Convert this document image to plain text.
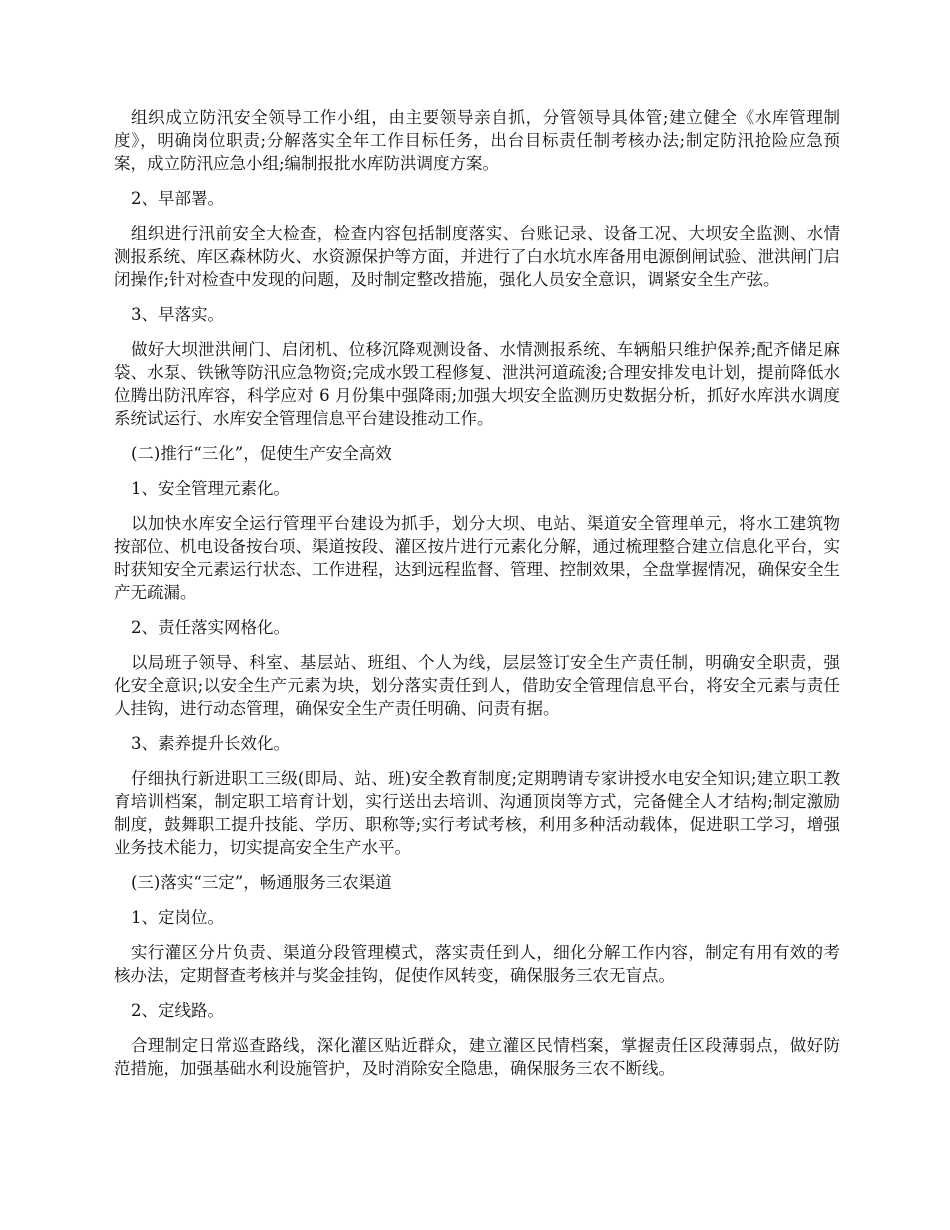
组织成立防汛安全领导工作小组，由主要领导亲自抓，分管领导具体管;建立健全《水库管理制度》，明确岗位职责;分解落实全年工作目标任务，出台目标责任制考核办法;制定防汛抢险应急预案，成立防汛应急小组;编制报批水库防洪调度方案。

2、早部署。

组织进行汛前安全大检查，检查内容包括制度落实、台账记录、设备工况、大坝安全监测、水情测报系统、库区森林防火、水资源保护等方面，并进行了白水坑水库备用电源倒闸试验、泄洪闸门启闭操作;针对检查中发现的问题，及时制定整改措施，强化人员安全意识，调紧安全生产弦。

3、早落实。

做好大坝泄洪闸门、启闭机、位移沉降观测设备、水情测报系统、车辆船只维护保养;配齐储足麻袋、水泵、铁锹等防汛应急物资;完成水毁工程修复、泄洪河道疏浚;合理安排发电计划，提前降低水位腾出防汛库容，科学应对 6 月份集中强降雨;加强大坝安全监测历史数据分析，抓好水库洪水调度系统试运行、水库安全管理信息平台建设推动工作。

(二)推行“三化”，促使生产安全高效

1、安全管理元素化。

以加快水库安全运行管理平台建设为抓手，划分大坝、电站、渠道安全管理单元，将水工建筑物按部位、机电设备按台项、渠道按段、灌区按片进行元素化分解，通过梳理整合建立信息化平台，实时获知安全元素运行状态、工作进程，达到远程监督、管理、控制效果，全盘掌握情况，确保安全生产无疏漏。

2、责任落实网格化。

以局班子领导、科室、基层站、班组、个人为线，层层签订安全生产责任制，明确安全职责，强化安全意识;以安全生产元素为块，划分落实责任到人，借助安全管理信息平台，将安全元素与责任人挂钩，进行动态管理，确保安全生产责任明确、问责有据。

3、素养提升长效化。

仔细执行新进职工三级(即局、站、班)安全教育制度;定期聘请专家讲授水电安全知识;建立职工教育培训档案，制定职工培育计划，实行送出去培训、沟通顶岗等方式，完备健全人才结构;制定激励制度，鼓舞职工提升技能、学历、职称等;实行考试考核，利用多种活动载体，促进职工学习，增强业务技术能力，切实提高安全生产水平。

(三)落实“三定”，畅通服务三农渠道

1、定岗位。

实行灌区分片负责、渠道分段管理模式，落实责任到人，细化分解工作内容，制定有用有效的考核办法，定期督查考核并与奖金挂钩，促使作风转变，确保服务三农无盲点。

2、定线路。

合理制定日常巡查路线，深化灌区贴近群众，建立灌区民情档案，掌握责任区段薄弱点，做好防范措施，加强基础水利设施管护，及时消除安全隐患，确保服务三农不断线。
